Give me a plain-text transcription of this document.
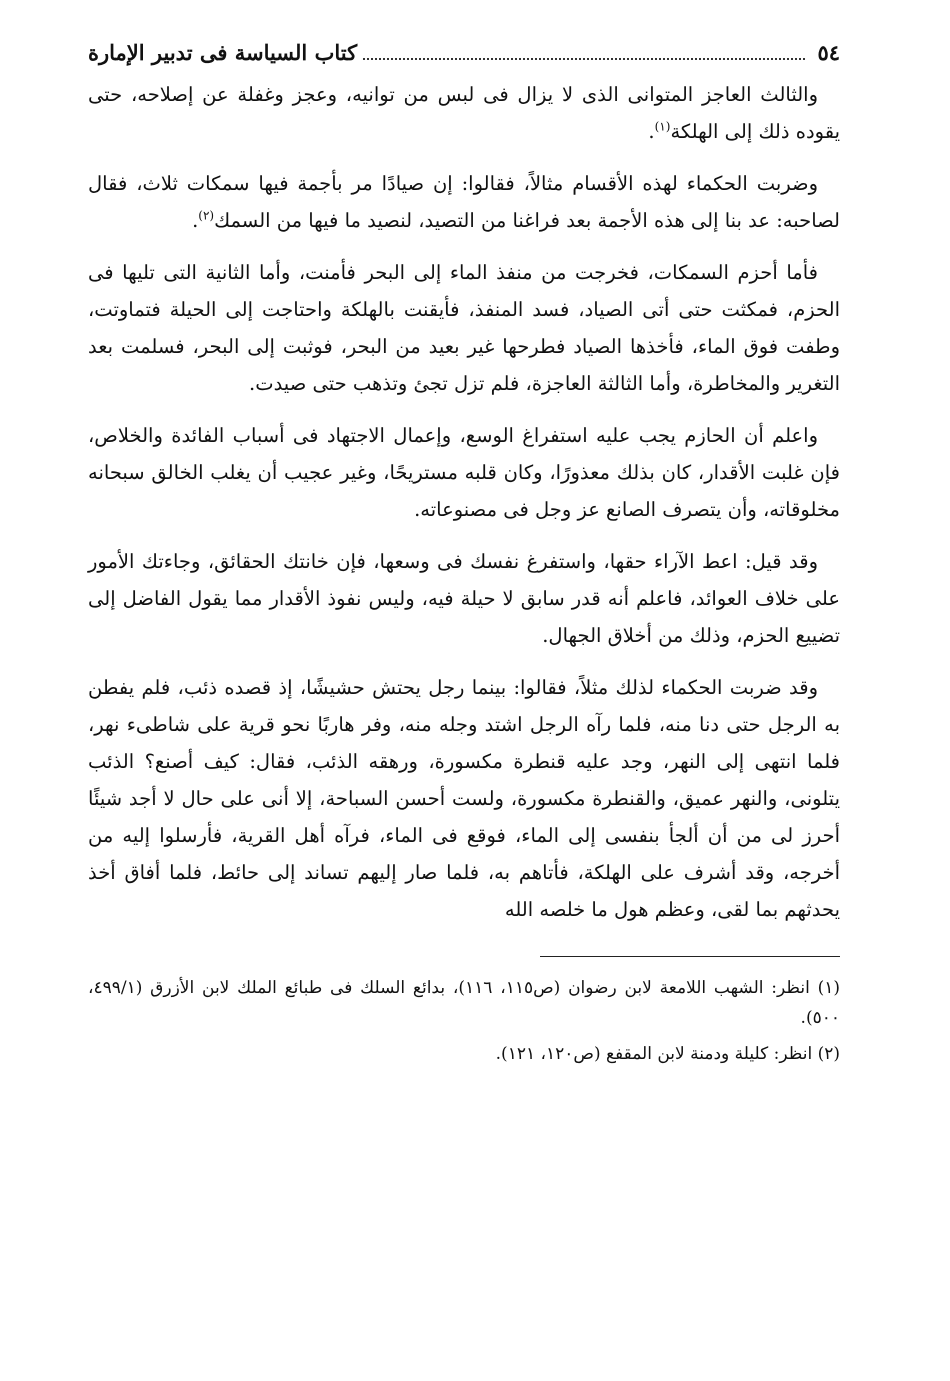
٥٤
كتاب السياسة فى تدبير الإمارة

والثالث العاجز المتوانى الذى لا يزال فى لبس من توانيه، وعجز وغفلة عن إصلاحه، حتى يقوده ذلك إلى الهلكة$^{(١)}$.

وضربت الحكماء لهذه الأقسام مثالاً، فقالوا: إن صيادًا مر بأجمة فيها سمكات ثلاث، فقال لصاحبه: عد بنا إلى هذه الأجمة بعد فراغنا من التصيد، لنصيد ما فيها من السمك$^{(٢)}$.

فأما أحزم السمكات، فخرجت من منفذ الماء إلى البحر فأمنت، وأما الثانية التى تليها فى الحزم، فمكثت حتى أتى الصياد، فسد المنفذ، فأيقنت بالهلكة واحتاجت إلى الحيلة فتماوتت، وطفت فوق الماء، فأخذها الصياد فطرحها غير بعيد من البحر، فوثبت إلى البحر، فسلمت بعد التغرير والمخاطرة، وأما الثالثة العاجزة، فلم تزل تجئ وتذهب حتى صيدت.

واعلم أن الحازم يجب عليه استفراغ الوسع، وإعمال الاجتهاد فى أسباب الفائدة والخلاص، فإن غلبت الأقدار، كان بذلك معذورًا، وكان قلبه مستريحًا، وغير عجيب أن يغلب الخالق سبحانه مخلوقاته، وأن يتصرف الصانع عز وجل فى مصنوعاته.

وقد قيل: اعط الآراء حقها، واستفرغ نفسك فى وسعها، فإن خانتك الحقائق، وجاءتك الأمور على خلاف العوائد، فاعلم أنه قدر سابق لا حيلة فيه، وليس نفوذ الأقدار مما يقول الفاضل إلى تضييع الحزم، وذلك من أخلاق الجهال.

وقد ضربت الحكماء لذلك مثلاً، فقالوا: بينما رجل يحتش حشيشًا، إذ قصده ذئب، فلم يفطن به الرجل حتى دنا منه، فلما رآه الرجل اشتد وجله منه، وفر هاربًا نحو قرية على شاطىء نهر، فلما انتهى إلى النهر، وجد عليه قنطرة مكسورة، ورهقه الذئب، فقال: كيف أصنع؟ الذئب يتلونى، والنهر عميق، والقنطرة مكسورة، ولست أحسن السباحة، إلا أنى على حال لا أجد شيئًا أحرز لى من أن ألجأ بنفسى إلى الماء، فوقع فى الماء، فرآه أهل القرية، فأرسلوا إليه من أخرجه، وقد أشرف على الهلكة، فأتاهم به، فلما صار إليهم تساند إلى حائط، فلما أفاق أخذ يحدثهم بما لقى، وعظم هول ما خلصه الله

(١) انظر: الشهب اللامعة لابن رضوان (ص١١٥، ١١٦)، بدائع السلك فى طبائع الملك لابن الأزرق (٤٩٩/١، ٥٠٠).

(٢) انظر: كليلة ودمنة لابن المقفع (ص١٢٠، ١٢١).
